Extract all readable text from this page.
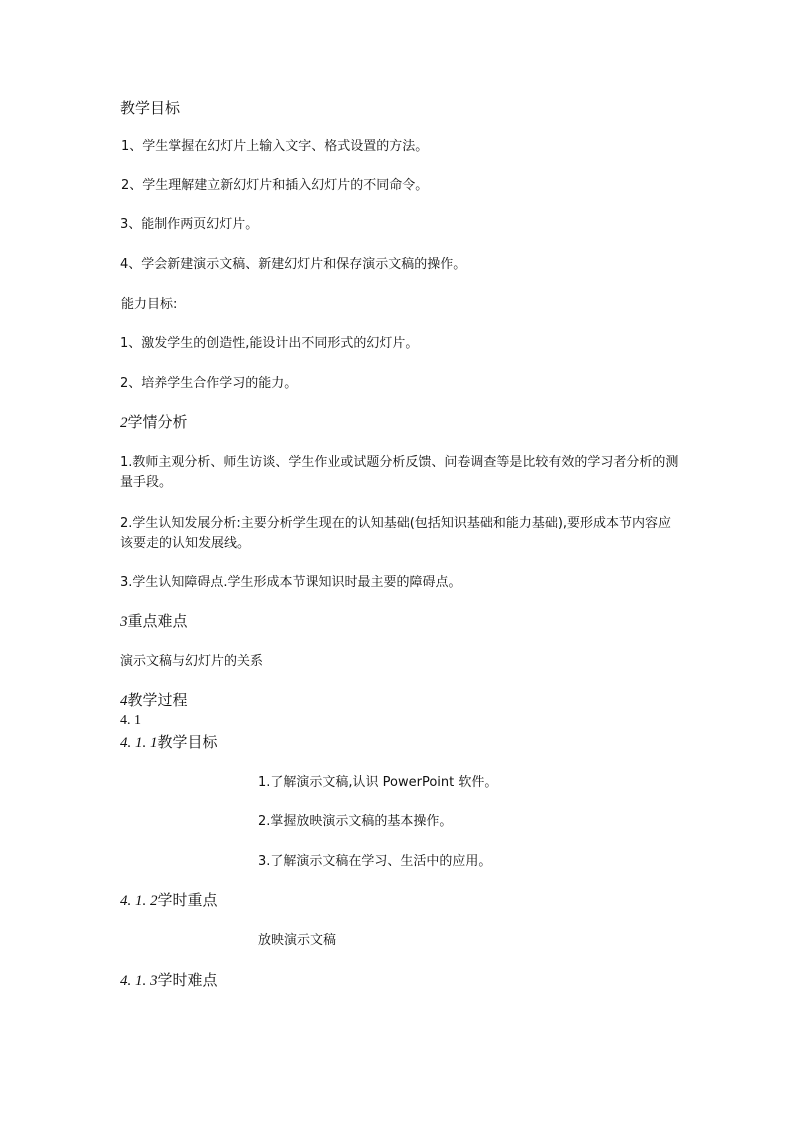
教学目标
1、学生掌握在幻灯片上输入文字、格式设置的方法。
2、学生理解建立新幻灯片和插入幻灯片的不同命令。
3、能制作两页幻灯片。
4、学会新建演示文稿、新建幻灯片和保存演示文稿的操作。
能力目标:
1、激发学生的创造性,能设计出不同形式的幻灯片。
2、培养学生合作学习的能力。
2学情分析
1.教师主观分析、师生访谈、学生作业或试题分析反馈、问卷调查等是比较有效的学习者分析的测量手段。
2.学生认知发展分析:主要分析学生现在的认知基础(包括知识基础和能力基础),要形成本节内容应该要走的认知发展线。
3.学生认知障碍点.学生形成本节课知识时最主要的障碍点。
3重点难点
演示文稿与幻灯片的关系
4教学过程
4. 1
4. 1. 1教学目标
1.了解演示文稿,认识 PowerPoint 软件。
2.掌握放映演示文稿的基本操作。
3.了解演示文稿在学习、生活中的应用。
4. 1. 2学时重点
放映演示文稿
4. 1. 3学时难点
